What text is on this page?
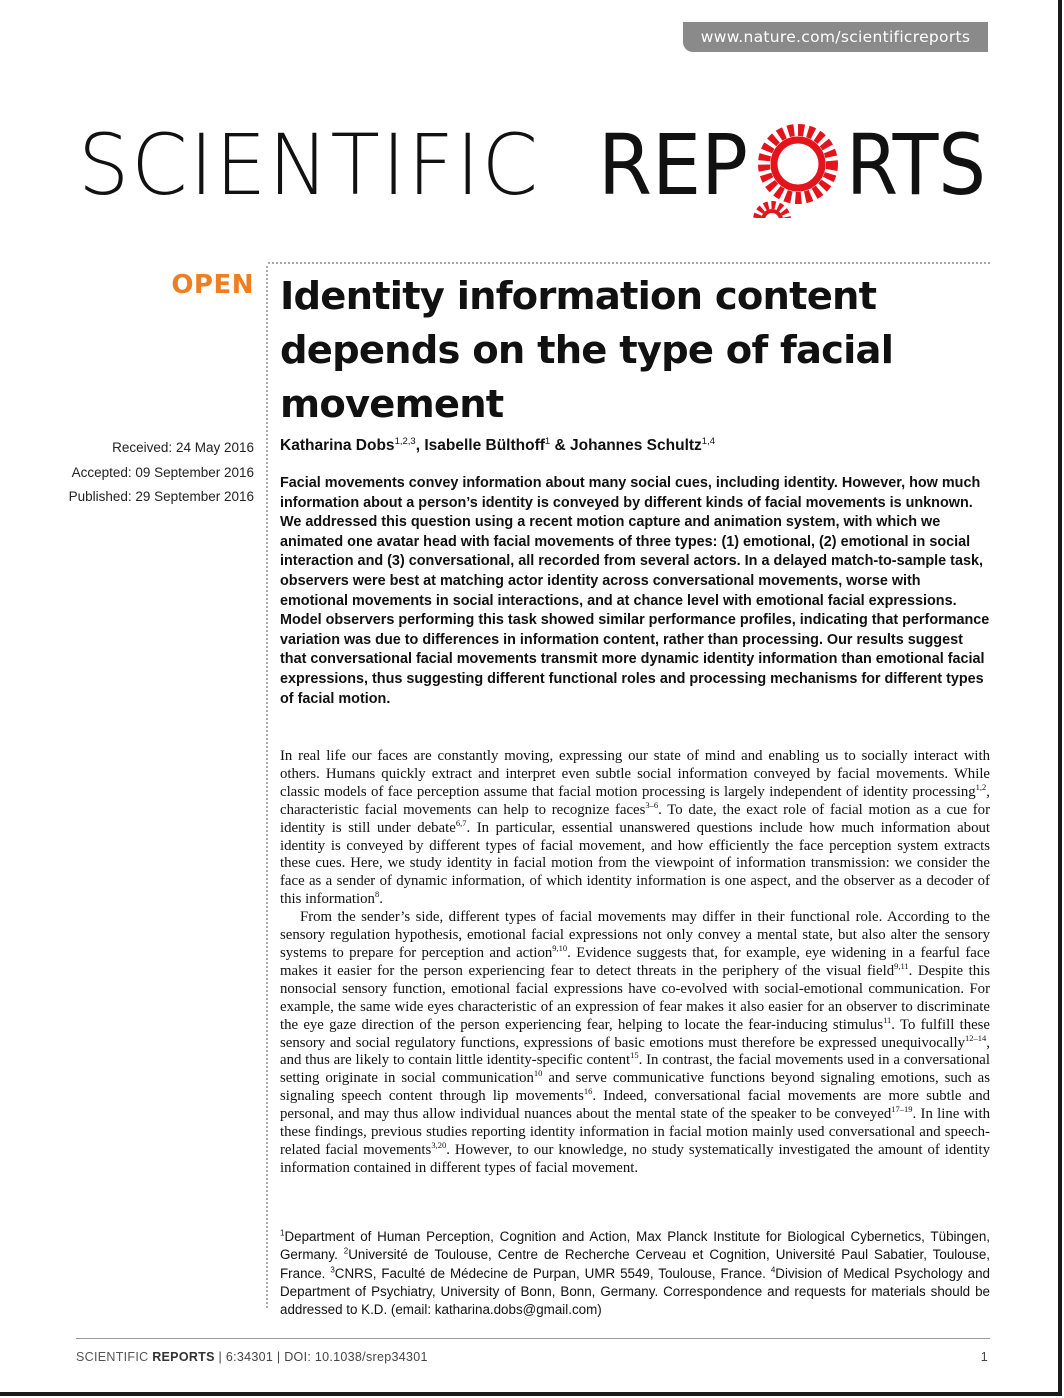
www.nature.com/scientificreports
SCIENTIFIC REP RTS
OPEN Identity information content depends on the type of facial movement
Received: 24 May 2016
Accepted: 09 September 2016
Published: 29 September 2016
Katharina Dobs$^{1,2,3}$, Isabelle Bülthoff$^1$ & Johannes Schultz$^{1,4}$

Facial movements convey information about many social cues, including identity. However, how much information about a person’s identity is conveyed by different kinds of facial movements is unknown. We addressed this question using a recent motion capture and animation system, with which we animated one avatar head with facial movements of three types: (1) emotional, (2) emotional in social interaction and (3) conversational, all recorded from several actors. In a delayed match-to-sample task, observers were best at matching actor identity across conversational movements, worse with emotional movements in social interactions, and at chance level with emotional facial expressions. Model observers performing this task showed similar performance profiles, indicating that performance variation was due to differences in information content, rather than processing. Our results suggest that conversational facial movements transmit more dynamic identity information than emotional facial expressions, thus suggesting different functional roles and processing mechanisms for different types of facial motion.

In real life our faces are constantly moving, expressing our state of mind and enabling us to socially interact with others. Humans quickly extract and interpret even subtle social information conveyed by facial movements. While classic models of face perception assume that facial motion processing is largely independent of identity processing$^{1,2}$, characteristic facial movements can help to recognize faces$^{3-6}$. To date, the exact role of facial motion as a cue for identity is still under debate$^{6,7}$. In particular, essential unanswered questions include how much information about identity is conveyed by different types of facial movement, and how efficiently the face perception system extracts these cues. Here, we study identity in facial motion from the viewpoint of information transmission: we consider the face as a sender of dynamic information, of which identity information is one aspect, and the observer as a decoder of this information$^8$.

From the sender’s side, different types of facial movements may differ in their functional role. According to the sensory regulation hypothesis, emotional facial expressions not only convey a mental state, but also alter the sensory systems to prepare for perception and action$^{9,10}$. Evidence suggests that, for example, eye widening in a fearful face makes it easier for the person experiencing fear to detect threats in the periphery of the visual field$^{9,11}$. Despite this nonsocial sensory function, emotional facial expressions have co-evolved with social-emotional communication. For example, the same wide eyes characteristic of an expression of fear makes it also easier for an observer to discriminate the eye gaze direction of the person experiencing fear, helping to locate the fear-inducing stimulus$^{11}$. To fulfill these sensory and social regulatory functions, expressions of basic emotions must therefore be expressed unequivocally$^{12-14}$, and thus are likely to contain little identity-specific content$^{15}$. In contrast, the facial movements used in a conversational setting originate in social communication$^{10}$ and serve communicative functions beyond signaling emotions, such as signaling speech content through lip movements$^{16}$. Indeed, conversational facial movements are more subtle and personal, and may thus allow individual nuances about the mental state of the speaker to be conveyed$^{17-19}$. In line with these findings, previous studies reporting identity information in facial motion mainly used conversational and speech-related facial movements$^{3,20}$. However, to our knowledge, no study systematically investigated the amount of identity information contained in different types of facial movement.

$^1$Department of Human Perception, Cognition and Action, Max Planck Institute for Biological Cybernetics, Tübingen, Germany. $^2$Université de Toulouse, Centre de Recherche Cerveau et Cognition, Université Paul Sabatier, Toulouse, France. $^3$CNRS, Faculté de Médecine de Purpan, UMR 5549, Toulouse, France. $^4$Division of Medical Psychology and Department of Psychiatry, University of Bonn, Bonn, Germany. Correspondence and requests for materials should be addressed to K.D. (email: katharina.dobs@gmail.com)

SCIENTIFIC REPORTS | 6:34301 | DOI: 10.1038/srep34301	1
